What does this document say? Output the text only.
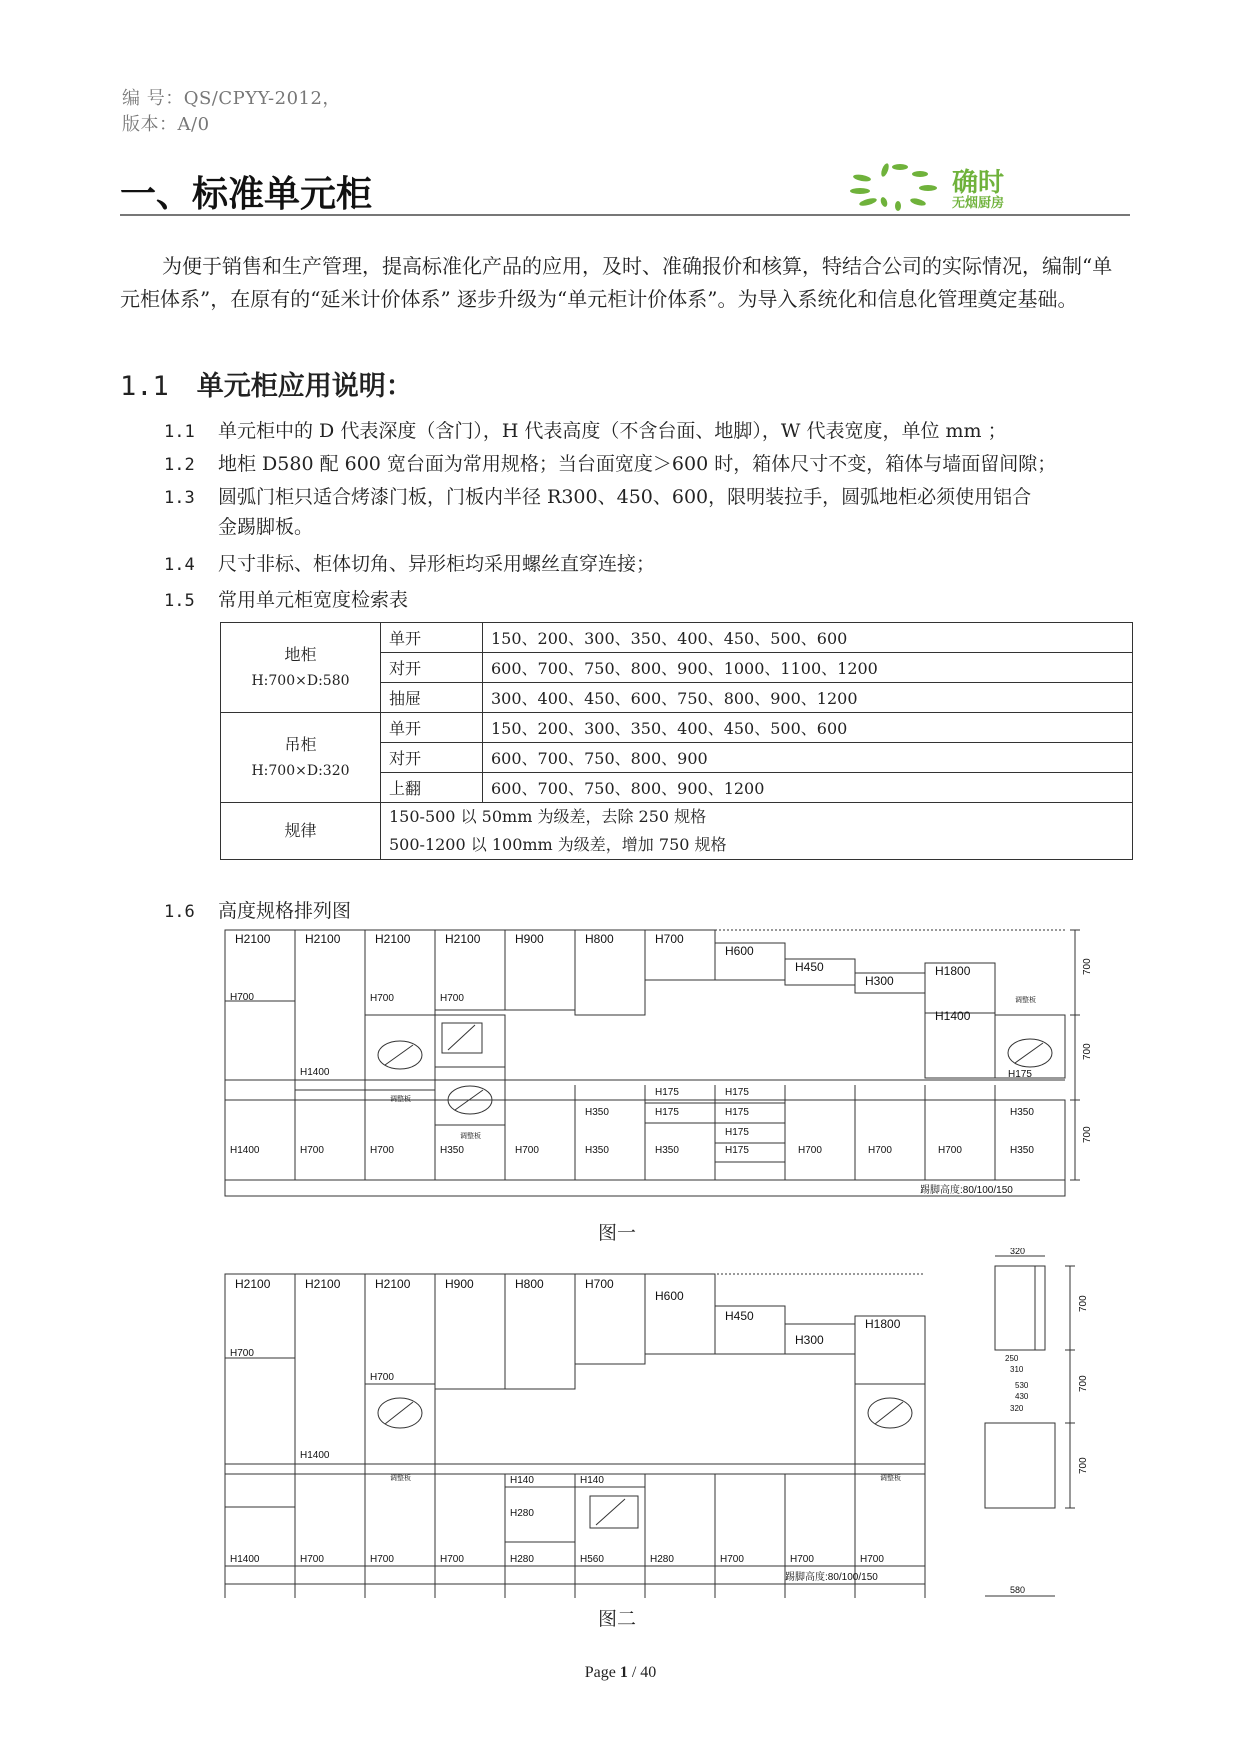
编 号：QS/CPYY-2012，
版本：A/0
一、标准单元柜	确时
无烟厨房
为便于销售和生产管理，提高标准化产品的应用，及时、准确报价和核算，特结合公司的实际情况，编制“单元柜体系”，在原有的“延米计价体系” 逐步升级为“单元柜计价体系”。为导入系统化和信息化管理奠定基础。
1.1 单元柜应用说明：
1.1 单元柜中的 D 代表深度（含门），H 代表高度（不含台面、地脚），W 代表宽度，单位 mm ；
1.2 地柜 D580 配 600 宽台面为常用规格；当台面宽度＞600 时，箱体尺寸不变，箱体与墙面留间隙；
1.3 圆弧门柜只适合烤漆门板，门板内半径 R300、450、600，限明装拉手，圆弧地柜必须使用铝合
金踢脚板。
1.4 尺寸非标、柜体切角、异形柜均采用螺丝直穿连接；
1.5 常用单元柜宽度检索表
地柜
H:700×D:580	单开	150、200、300、350、400、450、500、600
	对开	600、700、750、800、900、1000、1100、1200
	抽屉	300、400、450、600、750、800、900、1200

吊柜
H:700×D:320	单开	150、200、300、350、400、450、500、600
	对开	600、700、750、800、900
	上翻	600、700、750、800、900、1200
规律	150-500 以 50mm 为级差，去除 250 规格
500-1200 以 100mm 为级差，增加 750 规格	
1.6 高度规格排列图
H2100	H2100	H2100	H2100	H900	H800	H700
H600
H450
H300
H1800
H700	H700	H700
H1400
H1400
H175
H175	H175
H175	H175
H175
H350	H350
调整板
调整板
调整板
H1400	H700	H700	H350	H700	H350	H350	H175	H700	H700	H700	H350
踢脚高度:80/100/150
700
700
700
图一
H2100	H2100	H2100	H900	H800	H700
H600
H450
H300
H1800
H700
H700
H1400
H140	H140
H280
调整板	调整板
H1400	H700	H700	H700	H280	H560	H280	H700	H700	H700
踢脚高度:80/100/150
320
250
310
530
430
320
580
700
700
700
图二
Page 1 / 40
